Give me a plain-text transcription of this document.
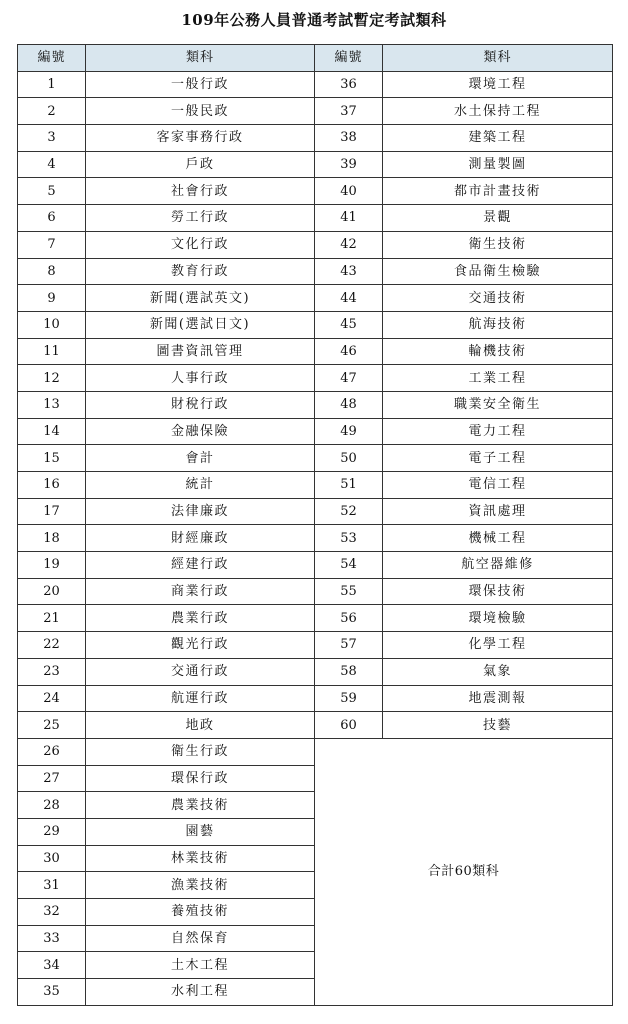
109年公務人員普通考試暫定考試類科
編號	類科	編號	類科
1	一般行政	36	環境工程
2	一般民政	37	水土保持工程
3	客家事務行政	38	建築工程
4	戶政	39	測量製圖
5	社會行政	40	都市計畫技術
6	勞工行政	41	景觀
7	文化行政	42	衛生技術
8	教育行政	43	食品衛生檢驗
9	新聞(選試英文)	44	交通技術
10	新聞(選試日文)	45	航海技術
11	圖書資訊管理	46	輪機技術
12	人事行政	47	工業工程
13	財稅行政	48	職業安全衛生
14	金融保險	49	電力工程
15	會計	50	電子工程
16	統計	51	電信工程
17	法律廉政	52	資訊處理
18	財經廉政	53	機械工程
19	經建行政	54	航空器維修
20	商業行政	55	環保技術
21	農業行政	56	環境檢驗
22	觀光行政	57	化學工程
23	交通行政	58	氣象
24	航運行政	59	地震測報
25	地政	60	技藝
26	衛生行政	合計60類科	
27	環保行政		
28	農業技術		
29	園藝		
30	林業技術		
31	漁業技術		
32	養殖技術		
33	自然保育		
34	土木工程		
35	水利工程		
